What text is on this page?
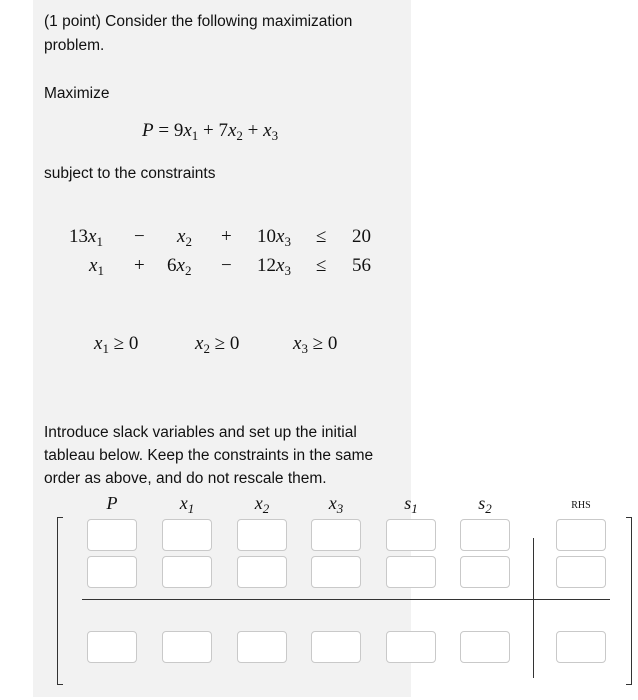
(1 point) Consider the following maximization
problem.
Maximize
$P = 9x_1 + 7x_2 + x_3$
subject to the constraints
$13x_1 - x_2 + 10x_3 \le 20$
$x_1 + 6x_2 - 12x_3 \le 56$
$x_1 \ge 0$	$x_2 \ge 0$	$x_3 \ge 0$
Introduce slack variables and set up the initial
tableau below. Keep the constraints in the same
order as above, and do not rescale them.
P	$x_1$	$x_2$	$x_3$	$s_1$	$s_2$	RHS
